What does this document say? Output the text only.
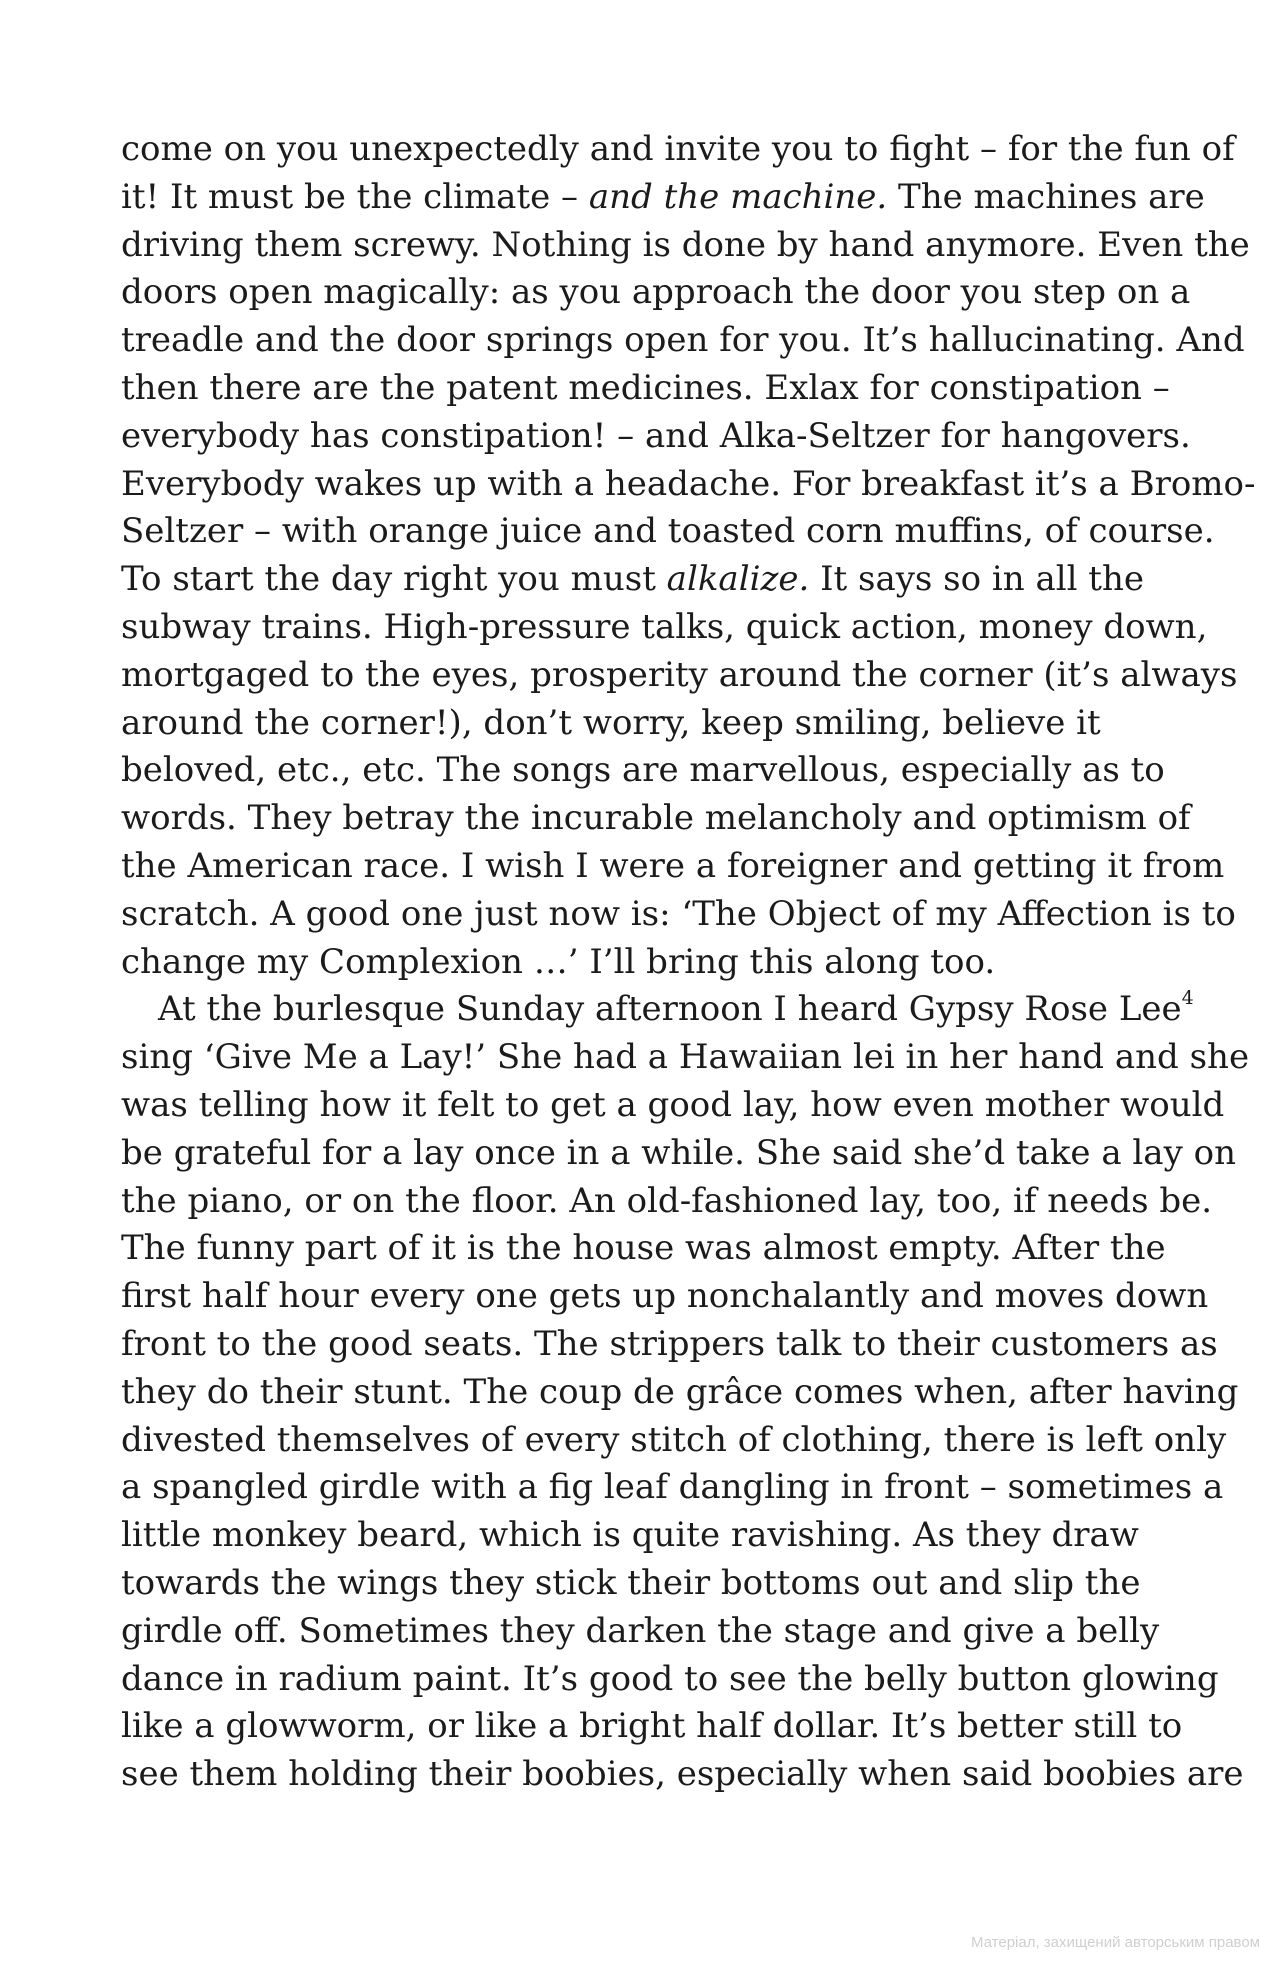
come on you unexpectedly and invite you to fight – for the fun of
it! It must be the climate – and the machine. The machines are
driving them screwy. Nothing is done by hand anymore. Even the
doors open magically: as you approach the door you step on a
treadle and the door springs open for you. It’s hallucinating. And
then there are the patent medicines. Exlax for constipation –
everybody has constipation! – and Alka-Seltzer for hangovers.
Everybody wakes up with a headache. For breakfast it’s a Bromo-
Seltzer – with orange juice and toasted corn muffins, of course.
To start the day right you must alkalize. It says so in all the
subway trains. High-pressure talks, quick action, money down,
mortgaged to the eyes, prosperity around the corner (it’s always
around the corner!), don’t worry, keep smiling, believe it
beloved, etc., etc. The songs are marvellous, especially as to
words. They betray the incurable melancholy and optimism of
the American race. I wish I were a foreigner and getting it from
scratch. A good one just now is: ‘The Object of my Affection is to
change my Complexion …’ I’ll bring this along too.

At the burlesque Sunday afternoon I heard Gypsy Rose Lee$^4$
sing ‘Give Me a Lay!’ She had a Hawaiian lei in her hand and she
was telling how it felt to get a good lay, how even mother would
be grateful for a lay once in a while. She said she’d take a lay on
the piano, or on the floor. An old-fashioned lay, too, if needs be.
The funny part of it is the house was almost empty. After the
first half hour every one gets up nonchalantly and moves down
front to the good seats. The strippers talk to their customers as
they do their stunt. The coup de grâce comes when, after having
divested themselves of every stitch of clothing, there is left only
a spangled girdle with a fig leaf dangling in front – sometimes a
little monkey beard, which is quite ravishing. As they draw
towards the wings they stick their bottoms out and slip the
girdle off. Sometimes they darken the stage and give a belly
dance in radium paint. It’s good to see the belly button glowing
like a glowworm, or like a bright half dollar. It’s better still to
see them holding their boobies, especially when said boobies are

Матеріал, захищений авторським правом
